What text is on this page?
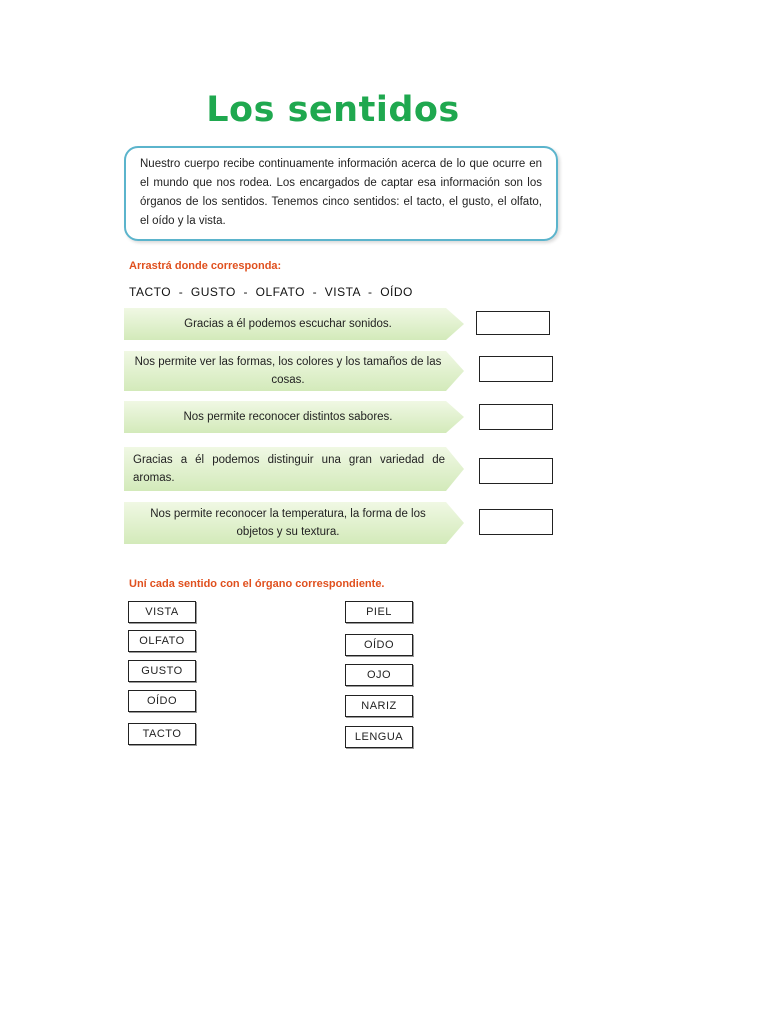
Los sentidos
Nuestro cuerpo recibe continuamente información acerca de lo que ocurre en el mundo que nos rodea. Los encargados de captar esa información son los órganos de los sentidos. Tenemos cinco sentidos: el tacto, el gusto, el olfato, el oído y la vista.
Arrastrá donde corresponda:
TACTO  -  GUSTO  -  OLFATO  -  VISTA  -  OÍDO
Gracias a él podemos escuchar sonidos.
Nos permite ver las formas, los colores y los tamaños de las cosas.
Nos permite reconocer distintos sabores.
Gracias a él podemos distinguir una gran variedad de aromas.
Nos permite reconocer la temperatura, la forma de los objetos y su textura.
Uní cada sentido con el órgano correspondiente.
VISTA
OLFATO
GUSTO
OÍDO
TACTO
PIEL
OÍDO
OJO
NARIZ
LENGUA
